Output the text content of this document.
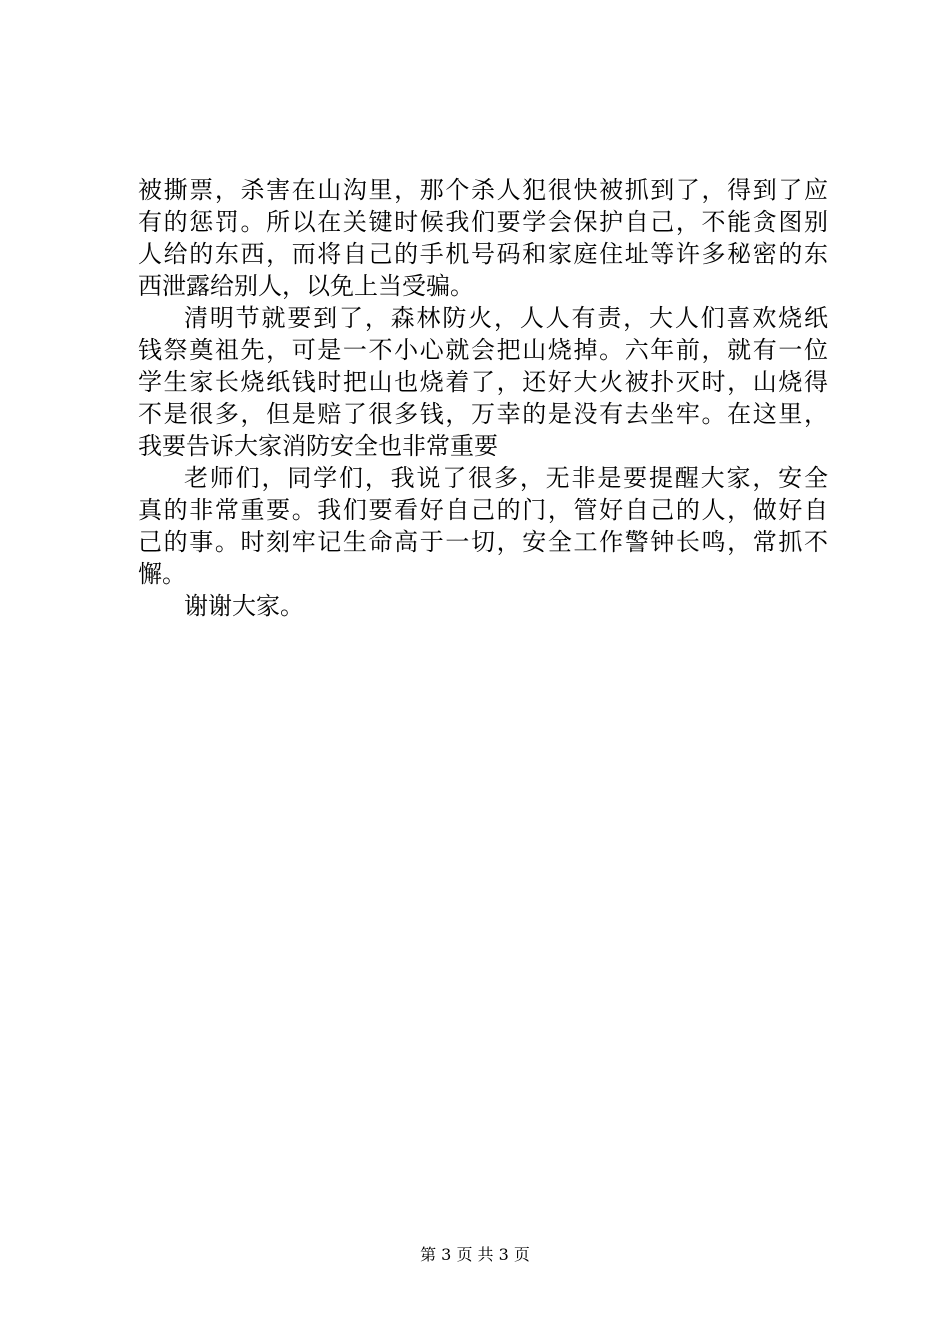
被撕票，杀害在山沟里，那个杀人犯很快被抓到了，得到了应
有的惩罚。所以在关键时候我们要学会保护自己，不能贪图别
人给的东西，而将自己的手机号码和家庭住址等许多秘密的东
西泄露给别人，以免上当受骗。
清明节就要到了，森林防火，人人有责，大人们喜欢烧纸
钱祭奠祖先，可是一不小心就会把山烧掉。六年前，就有一位
学生家长烧纸钱时把山也烧着了，还好大火被扑灭时，山烧得
不是很多，但是赔了很多钱，万幸的是没有去坐牢。在这里，
我要告诉大家消防安全也非常重要
老师们，同学们，我说了很多，无非是要提醒大家，安全
真的非常重要。我们要看好自己的门，管好自己的人，做好自
己的事。时刻牢记生命高于一切，安全工作警钟长鸣，常抓不
懈。
谢谢大家。
第 3 页 共 3 页
